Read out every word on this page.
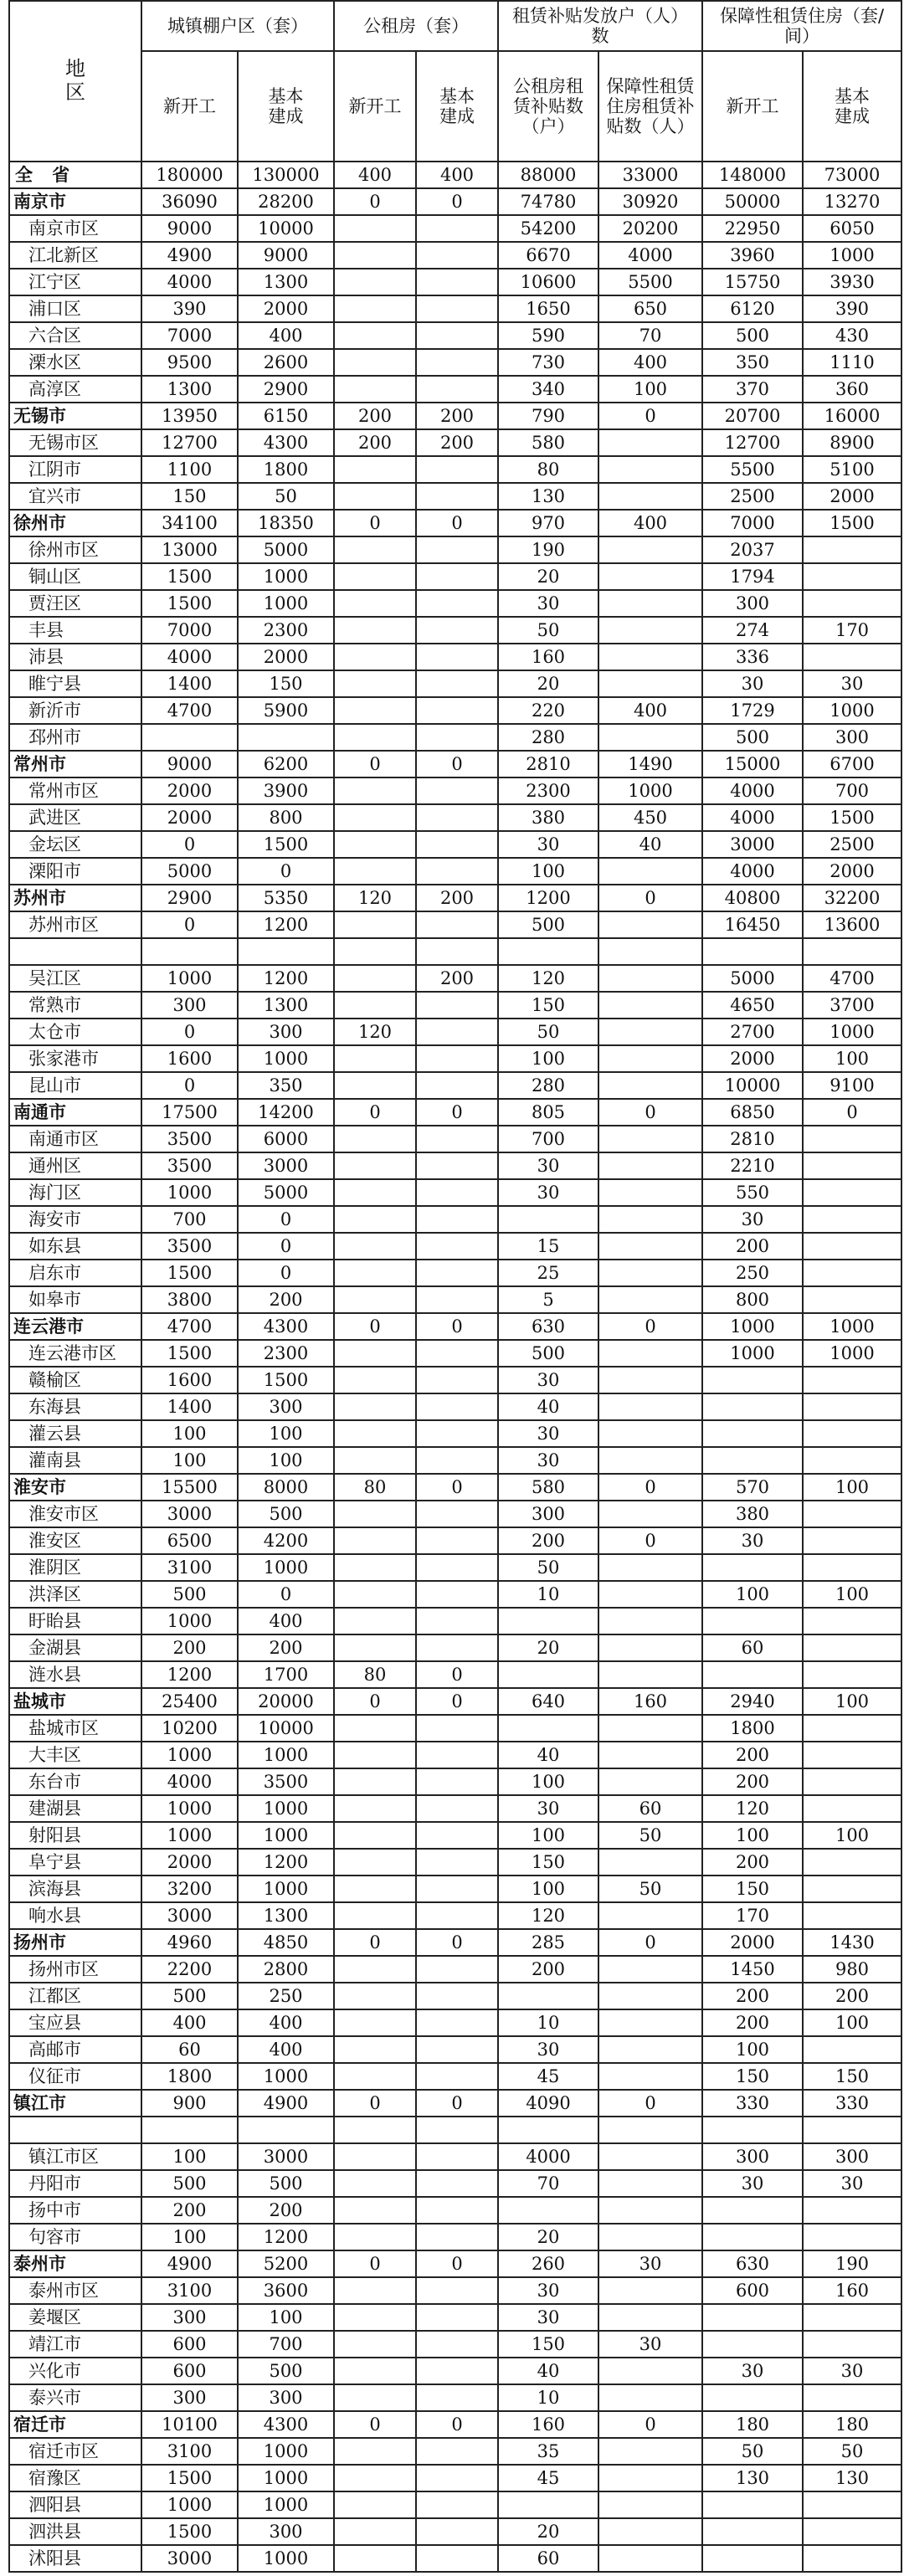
地区	城镇棚户区（套）		公租房（套）		租赁补贴发放户（人）数		保障性租赁住房（套/间）	
	新开工	基本建成	新开工	基本建成	公租房租赁补贴数（户）	保障性租赁住房租赁补贴数（人）	新开工	基本建成
全 省	180000	130000	400	400	88000	33000	148000	73000
南京市	36090	28200	0	0	74780	30920	50000	13270
南京市区	9000	10000			54200	20200	22950	6050
江北新区	4900	9000			6670	4000	3960	1000
江宁区	4000	1300			10600	5500	15750	3930
浦口区	390	2000			1650	650	6120	390
六合区	7000	400			590	70	500	430
溧水区	9500	2600			730	400	350	1110
高淳区	1300	2900			340	100	370	360
无锡市	13950	6150	200	200	790	0	20700	16000
无锡市区	12700	4300	200	200	580		12700	8900
江阴市	1100	1800			80		5500	5100
宜兴市	150	50			130		2500	2000
徐州市	34100	18350	0	0	970	400	7000	1500
徐州市区	13000	5000			190		2037	
铜山区	1500	1000			20		1794	
贾汪区	1500	1000			30		300	
丰县	7000	2300			50		274	170
沛县	4000	2000			160		336	
睢宁县	1400	150			20		30	30
新沂市	4700	5900			220	400	1729	1000
邳州市					280		500	300
常州市	9000	6200	0	0	2810	1490	15000	6700
常州市区	2000	3900			2300	1000	4000	700
武进区	2000	800			380	450	4000	1500
金坛区	0	1500			30	40	3000	2500
溧阳市	5000	0			100		4000	2000
苏州市	2900	5350	120	200	1200	0	40800	32200
苏州市区	0	1200			500		16450	13600

吴江区	1000	1200		200	120		5000	4700
常熟市	300	1300			150		4650	3700
太仓市	0	300	120		50		2700	1000
张家港市	1600	1000			100		2000	100
昆山市	0	350			280		10000	9100
南通市	17500	14200	0	0	805	0	6850	0
南通市区	3500	6000			700		2810	
通州区	3500	3000			30		2210	
海门区	1000	5000			30		550	
海安市	700	0					30	
如东县	3500	0			15		200	
启东市	1500	0			25		250	
如皋市	3800	200			5		800	
连云港市	4700	4300	0	0	630	0	1000	1000
连云港市区	1500	2300			500		1000	1000
赣榆区	1600	1500			30			
东海县	1400	300			40			
灌云县	100	100			30			
灌南县	100	100			30			
淮安市	15500	8000	80	0	580	0	570	100
淮安市区	3000	500			300		380	
淮安区	6500	4200			200	0	30	
淮阴区	3100	1000			50			
洪泽区	500	0			10		100	100
盱眙县	1000	400						
金湖县	200	200			20		60	
涟水县	1200	1700	80	0				
盐城市	25400	20000	0	0	640	160	2940	100
盐城市区	10200	10000					1800	
大丰区	1000	1000			40		200	
东台市	4000	3500			100		200	
建湖县	1000	1000			30	60	120	
射阳县	1000	1000			100	50	100	100
阜宁县	2000	1200			150		200	
滨海县	3200	1000			100	50	150	
响水县	3000	1300			120		170	
扬州市	4960	4850	0	0	285	0	2000	1430
扬州市区	2200	2800			200		1450	980
江都区	500	250					200	200
宝应县	400	400			10		200	100
高邮市	60	400			30		100	
仪征市	1800	1000			45		150	150
镇江市	900	4900	0	0	4090	0	330	330

镇江市区	100	3000			4000		300	300
丹阳市	500	500			70		30	30
扬中市	200	200						
句容市	100	1200			20			
泰州市	4900	5200	0	0	260	30	630	190
泰州市区	3100	3600			30		600	160
姜堰区	300	100			30			
靖江市	600	700			150	30		
兴化市	600	500			40		30	30
泰兴市	300	300			10			
宿迁市	10100	4300	0	0	160	0	180	180
宿迁市区	3100	1000			35		50	50
宿豫区	1500	1000			45		130	130
泗阳县	1000	1000						
泗洪县	1500	300			20			
沭阳县	3000	1000			60			
